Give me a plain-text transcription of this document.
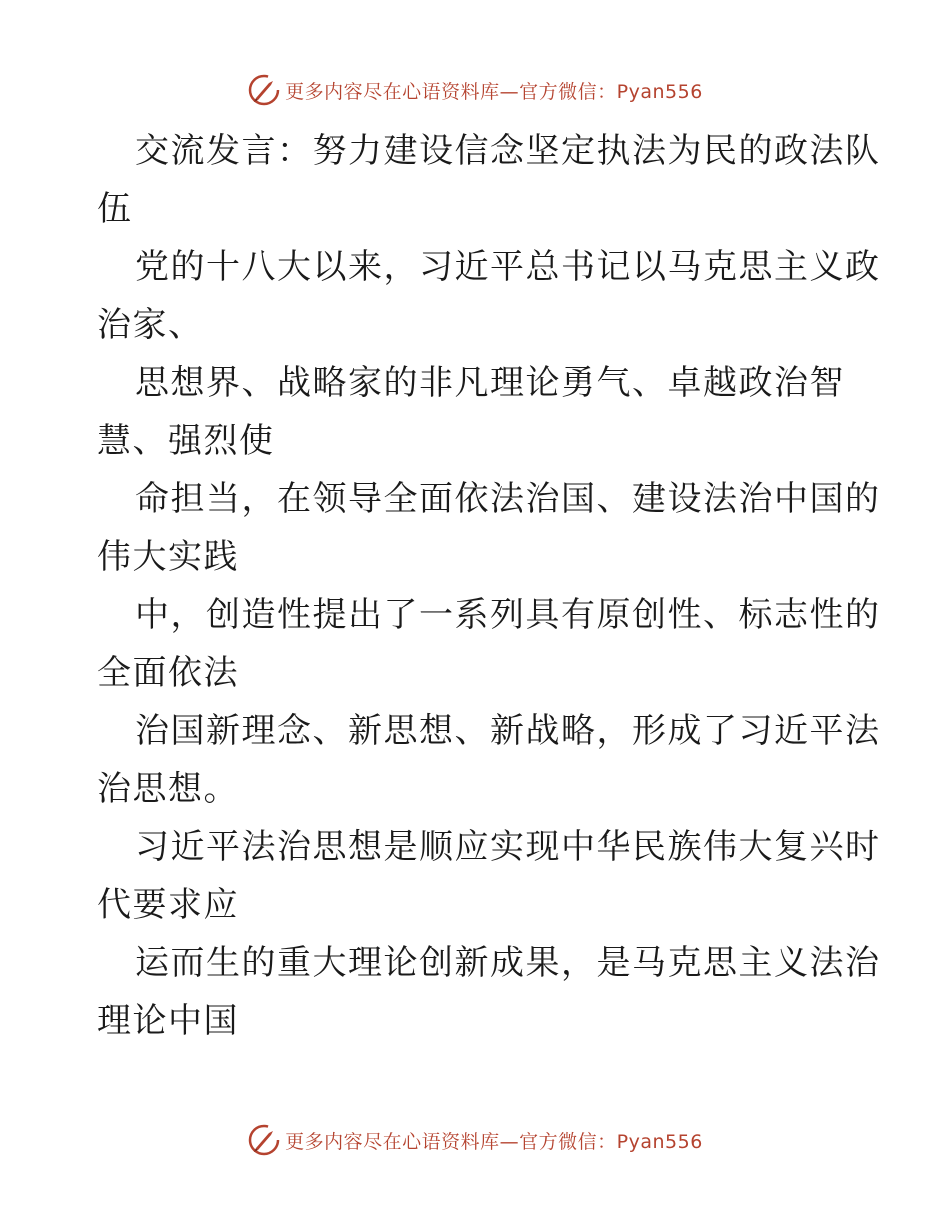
更多内容尽在心语资料库—官方微信：Pyan556
交流发言：努力建设信念坚定执法为民的政法队
伍
党的十八大以来，习近平总书记以马克思主义政
治家、
思想界、战略家的非凡理论勇气、卓越政治智
慧、强烈使
命担当，在领导全面依法治国、建设法治中国的
伟大实践
中，创造性提出了一系列具有原创性、标志性的
全面依法
治国新理念、新思想、新战略，形成了习近平法
治思想。
习近平法治思想是顺应实现中华民族伟大复兴时
代要求应
运而生的重大理论创新成果，是马克思主义法治
理论中国
更多内容尽在心语资料库—官方微信：Pyan556
